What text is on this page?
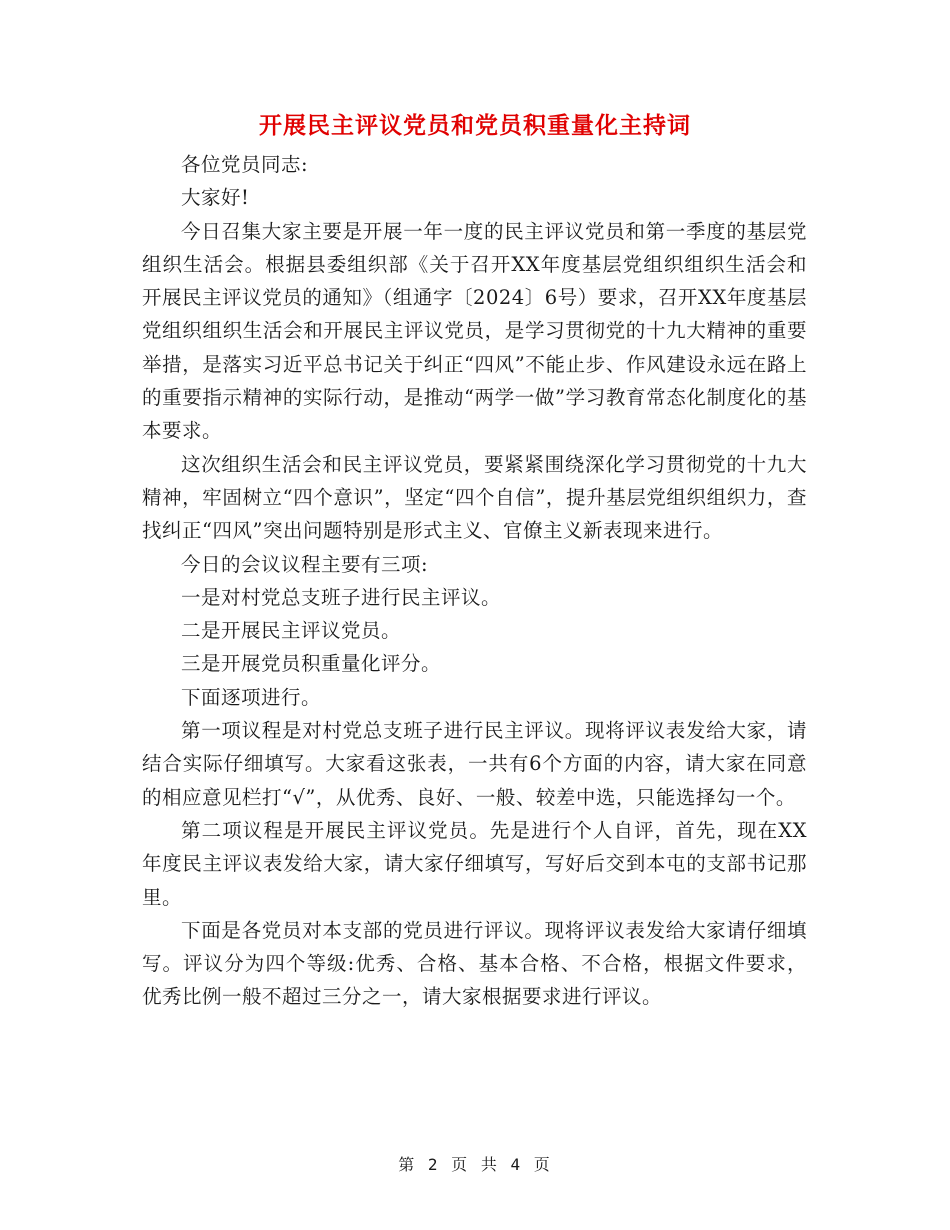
开展民主评议党员和党员积重量化主持词

各位党员同志:

大家好!

今日召集大家主要是开展一年一度的民主评议党员和第一季度的基层党组织生活会。根据县委组织部《关于召开XX年度基层党组织组织生活会和开展民主评议党员的通知》（组通字〔2024〕6号）要求，召开XX年度基层党组织组织生活会和开展民主评议党员，是学习贯彻党的十九大精神的重要举措，是落实习近平总书记关于纠正“四风”不能止步、作风建设永远在路上的重要指示精神的实际行动，是推动“两学一做”学习教育常态化制度化的基本要求。

这次组织生活会和民主评议党员，要紧紧围绕深化学习贯彻党的十九大精神，牢固树立“四个意识”，坚定“四个自信”，提升基层党组织组织力，查找纠正“四风”突出问题特别是形式主义、官僚主义新表现来进行。

今日的会议议程主要有三项:

一是对村党总支班子进行民主评议。

二是开展民主评议党员。

三是开展党员积重量化评分。

下面逐项进行。

第一项议程是对村党总支班子进行民主评议。现将评议表发给大家，请结合实际仔细填写。大家看这张表，一共有6个方面的内容，请大家在同意的相应意见栏打“√”，从优秀、良好、一般、较差中选，只能选择勾一个。

第二项议程是开展民主评议党员。先是进行个人自评，首先，现在XX年度民主评议表发给大家，请大家仔细填写，写好后交到本屯的支部书记那里。

下面是各党员对本支部的党员进行评议。现将评议表发给大家请仔细填写。评议分为四个等级:优秀、合格、基本合格、不合格，根据文件要求，优秀比例一般不超过三分之一，请大家根据要求进行评议。

第 2 页 共 4 页
